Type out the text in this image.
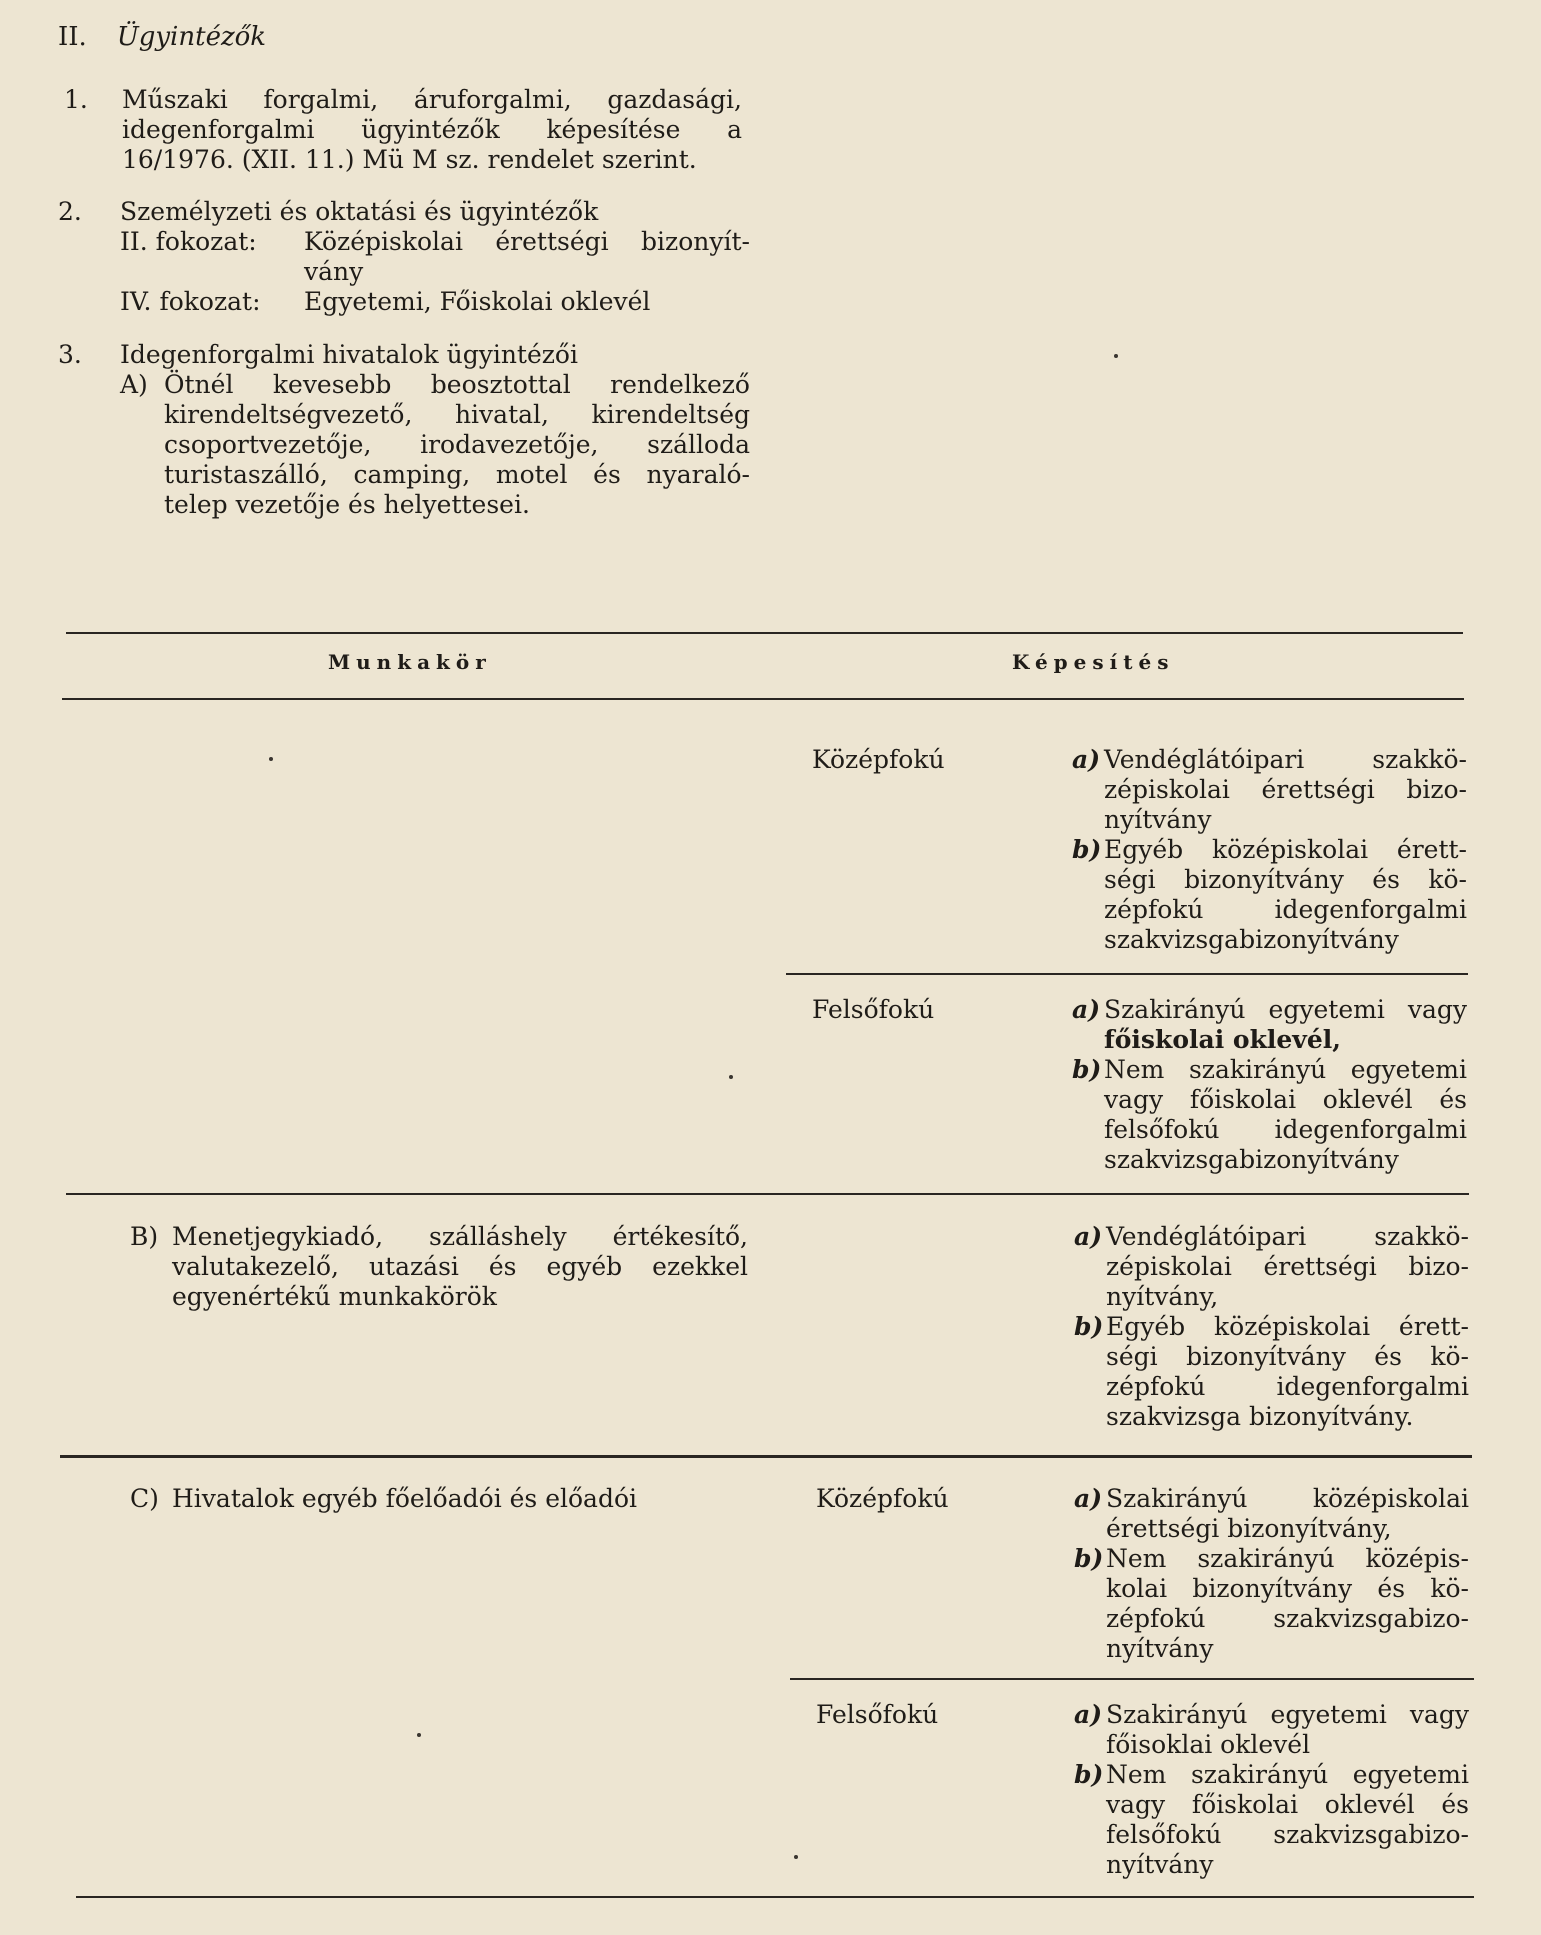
II. Ügyintézők
1. Műszaki forgalmi, áruforgalmi, gazdasági,
idegenforgalmi ügyintézők képesítése a
16/1976. (XII. 11.) Mü M sz. rendelet szerint.
2. Személyzeti és oktatási és ügyintézők
II. fokozat: Középiskolai érettségi bizonyít-
vány
IV. fokozat: Egyetemi, Főiskolai oklevél
3. Idegenforgalmi hivatalok ügyintézői
A) Ötnél kevesebb beosztottal rendelkező
kirendeltségvezető, hivatal, kirendeltség
csoportvezetője, irodavezetője, szálloda
turistaszálló, camping, motel és nyaraló-
telep vezetője és helyettesei.
Munkakör	Képesítés
Középfokú	a) Vendéglátóipari szakkö-
zépiskolai érettségi bizo-
nyítvány
b) Egyéb középiskolai érett-
ségi bizonyítvány és kö-
zépfokú idegenforgalmi
szakvizsgabizonyítvány
Felsőfokú	a) Szakirányú egyetemi vagy
főiskolai oklevél,
b) Nem szakirányú egyetemi
vagy főiskolai oklevél és
felsőfokú idegenforgalmi
szakvizsgabizonyítvány
B) Menetjegykiadó, szálláshely értékesítő,
valutakezelő, utazási és egyéb ezekkel
egyenértékű munkakörök
a) Vendéglátóipari szakkö-
zépiskolai érettségi bizo-
nyítvány,
b) Egyéb középiskolai érett-
ségi bizonyítvány és kö-
zépfokú idegenforgalmi
szakvizsga bizonyítvány.
C) Hivatalok egyéb főelőadói és előadói	Középfokú	a) Szakirányú középiskolai
érettségi bizonyítvány,
b) Nem szakirányú középis-
kolai bizonyítvány és kö-
zépfokú szakvizsgabizo-
nyítvány
Felsőfokú	a) Szakirányú egyetemi vagy
főisoklai oklevél
b) Nem szakirányú egyetemi
vagy főiskolai oklevél és
felsőfokú szakvizsgabizo-
nyítvány
